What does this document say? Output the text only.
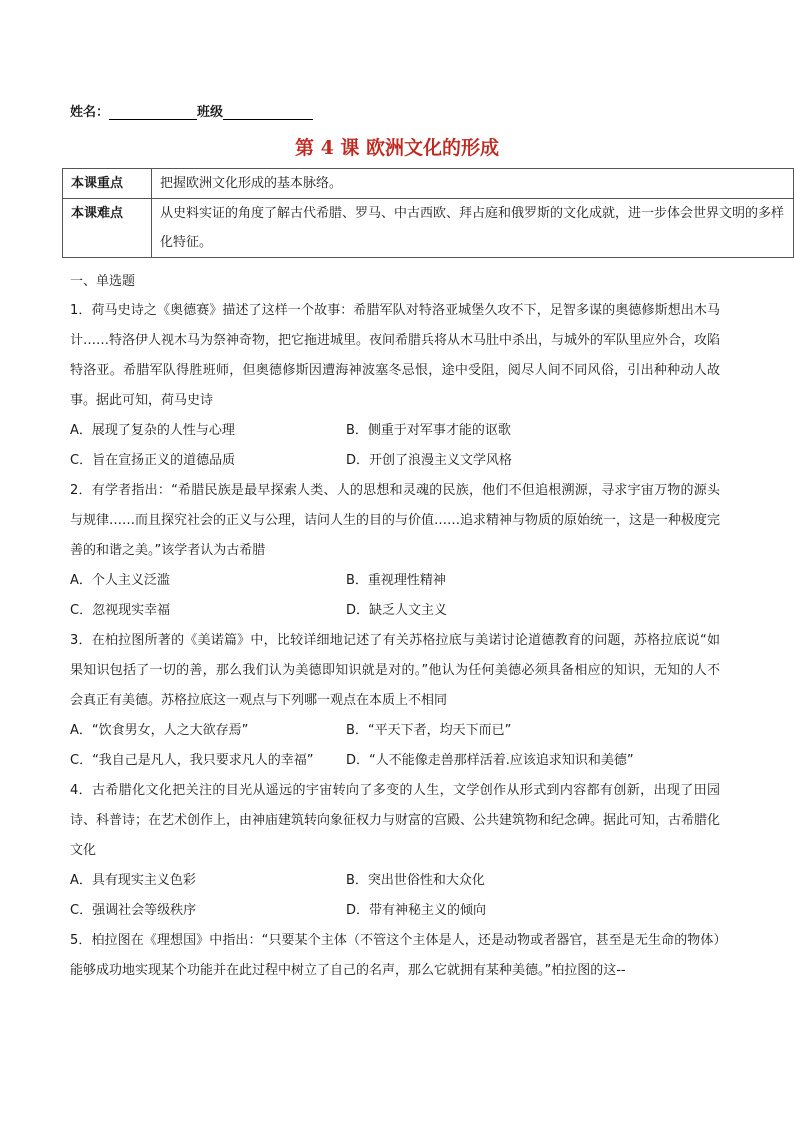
姓名：	班级
第 4 课 欧洲文化的形成
本课重点	把握欧洲文化形成的基本脉络。
本课难点	从史料实证的角度了解古代希腊、罗马、中古西欧、拜占庭和俄罗斯的文化成就，进一步体会世界文明的多样化特征。
一、单选题

1．荷马史诗之《奥德赛》描述了这样一个故事：希腊军队对特洛亚城堡久攻不下，足智多谋的奥德修斯想出木马计……特洛伊人视木马为祭神奇物，把它拖进城里。夜间希腊兵将从木马肚中杀出，与城外的军队里应外合，攻陷特洛亚。希腊军队得胜班师，但奥德修斯因遭海神波塞冬忌恨，途中受阻，阅尽人间不同风俗，引出种种动人故事。据此可知，荷马史诗

A．展现了复杂的人性与心理	B．侧重于对军事才能的讴歌
C．旨在宣扬正义的道德品质	D．开创了浪漫主义文学风格

2．有学者指出：“希腊民族是最早探索人类、人的思想和灵魂的民族，他们不但追根溯源，寻求宇宙万物的源头与规律……而且探究社会的正义与公理，诘问人生的目的与价值……追求精神与物质的原始统一，这是一种极度完善的和谐之美。”该学者认为古希腊

A．个人主义泛滥	B．重视理性精神
C．忽视现实幸福	D．缺乏人文主义

3．在柏拉图所著的《美诺篇》中，比较详细地记述了有关苏格拉底与美诺讨论道德教育的问题，苏格拉底说“如果知识包括了一切的善，那么我们认为美德即知识就是对的。”他认为任何美德必须具备相应的知识，无知的人不会真正有美德。苏格拉底这一观点与下列哪一观点在本质上不相同

A．“饮食男女，人之大欲存焉”	B．“平天下者，均天下而已”
C．“我自己是凡人，我只要求凡人的幸福”	D．“人不能像走兽那样活着.应该追求知识和美德”

4．古希腊化文化把关注的目光从遥远的宇宙转向了多变的人生，文学创作从形式到内容都有创新，出现了田园诗、科普诗；在艺术创作上，由神庙建筑转向象征权力与财富的宫殿、公共建筑物和纪念碑。据此可知，古希腊化文化

A．具有现实主义色彩	B．突出世俗性和大众化
C．强调社会等级秩序	D．带有神秘主义的倾向

5．柏拉图在《理想国》中指出：“只要某个主体（不管这个主体是人，还是动物或者器官，甚至是无生命的物体）能够成功地实现某个功能并在此过程中树立了自己的名声，那么它就拥有某种美德。”柏拉图的这--
